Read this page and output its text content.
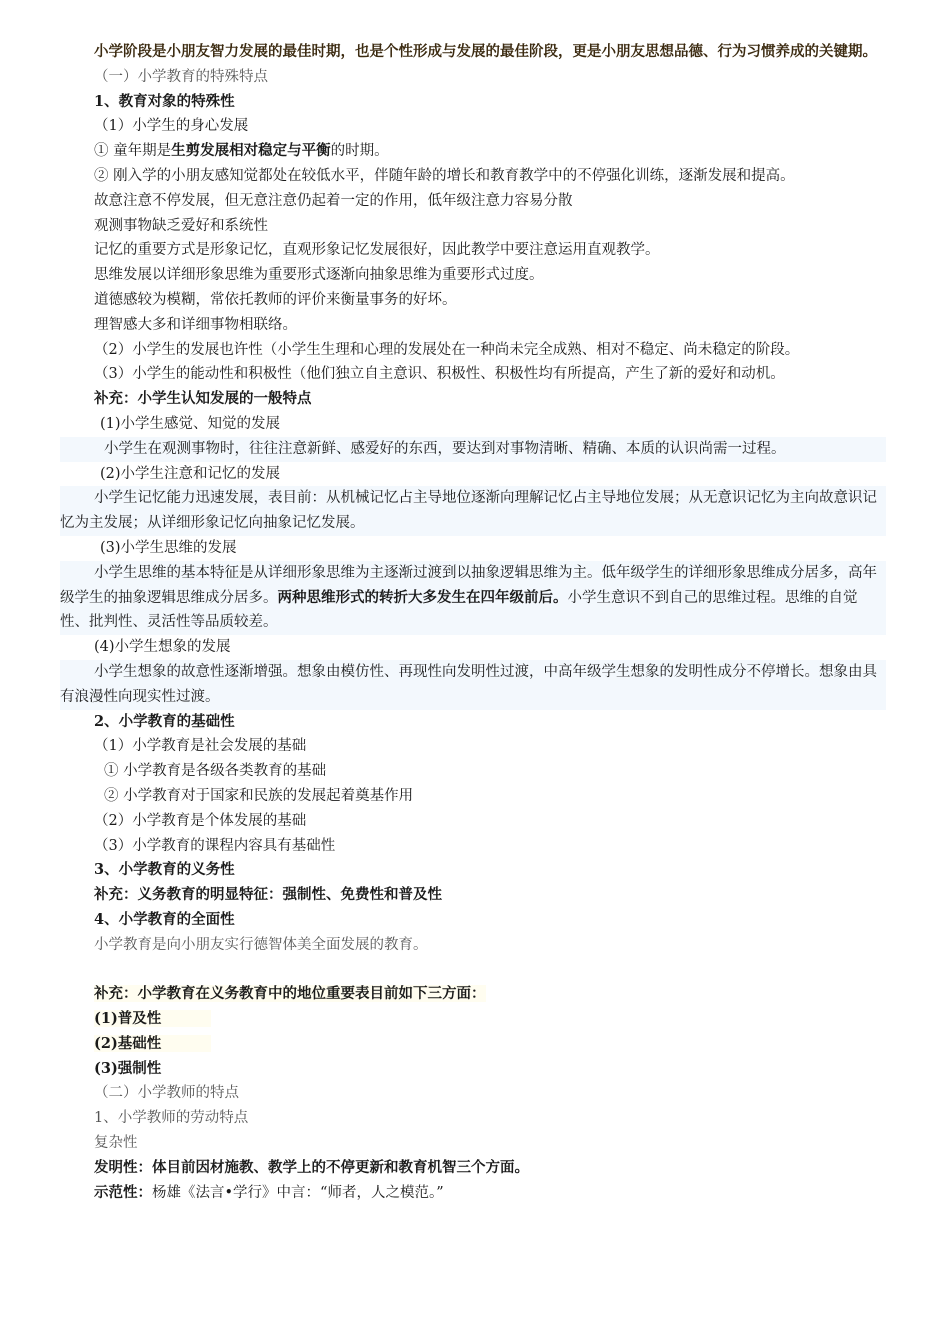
小学阶段是小朋友智力发展的最佳时期，也是个性形成与发展的最佳阶段，更是小朋友思想品德、行为习惯养成的关键期。

（一）小学教育的特殊特点

1、教育对象的特殊性

（1）小学生的身心发展

① 童年期是生剪发展相对稳定与平衡的时期。

② 刚入学的小朋友感知觉都处在较低水平，伴随年龄的增长和教育教学中的不停强化训练，逐渐发展和提高。

故意注意不停发展，但无意注意仍起着一定的作用，低年级注意力容易分散

观测事物缺乏爱好和系统性

记忆的重要方式是形象记忆，直观形象记忆发展很好，因此教学中要注意运用直观教学。

思维发展以详细形象思维为重要形式逐渐向抽象思维为重要形式过度。

道德感较为模糊，常依托教师的评价来衡量事务的好坏。

理智感大多和详细事物相联络。

（2）小学生的发展也许性（小学生生理和心理的发展处在一种尚未完全成熟、相对不稳定、尚未稳定的阶段。

（3）小学生的能动性和积极性（他们独立自主意识、积极性、积极性均有所提高，产生了新的爱好和动机。

补充：小学生认知发展的一般特点

(1)小学生感觉、知觉的发展

小学生在观测事物时，往往注意新鲜、感爱好的东西，要达到对事物清晰、精确、本质的认识尚需一过程。

(2)小学生注意和记忆的发展

小学生记忆能力迅速发展，表目前：从机械记忆占主导地位逐渐向理解记忆占主导地位发展；从无意识记忆为主向故意识记忆为主发展；从详细形象记忆向抽象记忆发展。

(3)小学生思维的发展

小学生思维的基本特征是从详细形象思维为主逐渐过渡到以抽象逻辑思维为主。低年级学生的详细形象思维成分居多，高年级学生的抽象逻辑思维成分居多。两种思维形式的转折大多发生在四年级前后。小学生意识不到自己的思维过程。思维的自觉性、批判性、灵活性等品质较差。

(4)小学生想象的发展

小学生想象的故意性逐渐增强。想象由模仿性、再现性向发明性过渡，中高年级学生想象的发明性成分不停增长。想象由具有浪漫性向现实性过渡。

2、小学教育的基础性

（1）小学教育是社会发展的基础

① 小学教育是各级各类教育的基础

② 小学教育对于国家和民族的发展起着奠基作用

（2）小学教育是个体发展的基础

（3）小学教育的课程内容具有基础性

3、小学教育的义务性

补充：义务教育的明显特征：强制性、免费性和普及性

4、小学教育的全面性

小学教育是向小朋友实行德智体美全面发展的教育。

补充：小学教育在义务教育中的地位重要表目前如下三方面：

(1)普及性

(2)基础性

(3)强制性

（二）小学教师的特点

1、小学教师的劳动特点

复杂性

发明性：体目前因材施教、教学上的不停更新和教育机智三个方面。

示范性：杨雄《法言•学行》中言：“师者，人之模范。”
